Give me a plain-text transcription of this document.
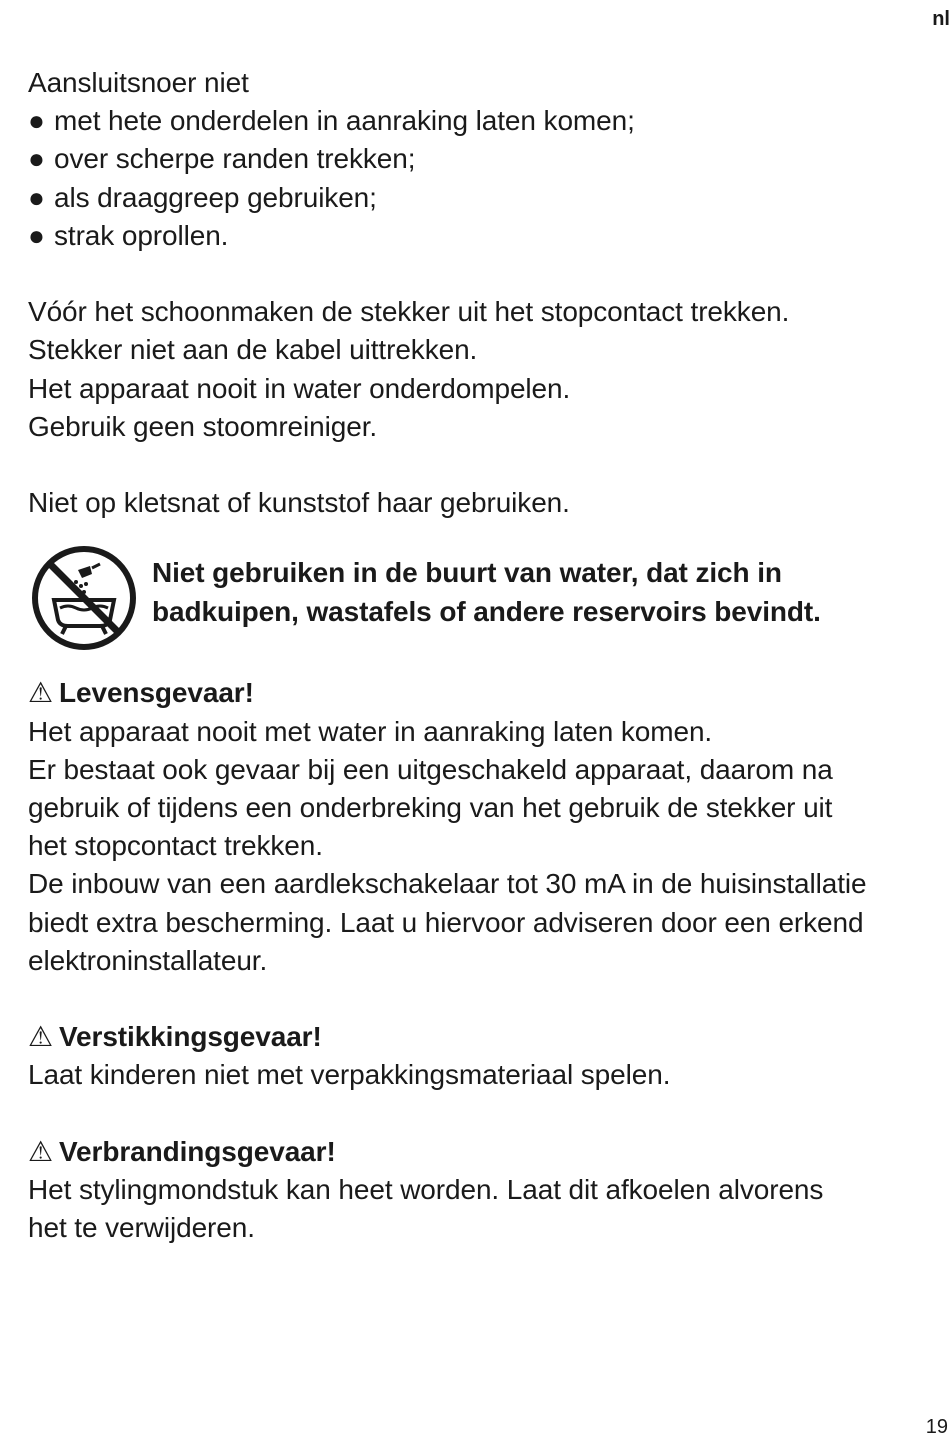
nl
Aansluitsnoer niet
● met hete onderdelen in aanraking laten komen;
● over scherpe randen trekken;
● als draaggreep gebruiken;
● strak oprollen.
Vóór het schoonmaken de stekker uit het stopcontact trekken.
Stekker niet aan de kabel uittrekken.
Het apparaat nooit in water onderdompelen.
Gebruik geen stoomreiniger.
Niet op kletsnat of kunststof haar gebruiken.
Niet gebruiken in de buurt van water, dat zich in
badkuipen, wastafels of andere reservoirs bevindt.
⚠ Levensgevaar!
Het apparaat nooit met water in aanraking laten komen.
Er bestaat ook gevaar bij een uitgeschakeld apparaat, daarom na
gebruik of tijdens een onderbreking van het gebruik de stekker uit
het stopcontact trekken.
De inbouw van een aardlekschakelaar tot 30 mA in de huisinstallatie
biedt extra bescherming. Laat u hiervoor adviseren door een erkend
elektroninstallateur.
⚠ Verstikkingsgevaar!
Laat kinderen niet met verpakkingsmateriaal spelen.
⚠ Verbrandingsgevaar!
Het stylingmondstuk kan heet worden. Laat dit afkoelen alvorens
het te verwijderen.
19
